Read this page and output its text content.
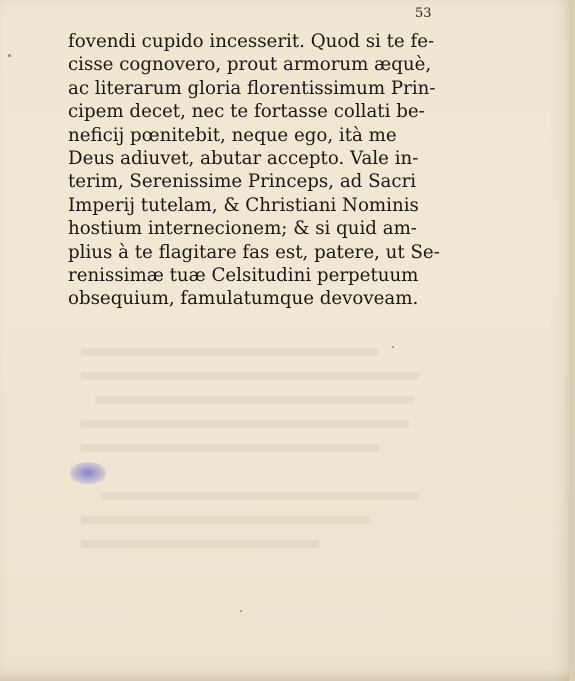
53
fovendi cupido incesserit. Quod si te fe-
cisse cognovero, prout armorum æquè,
ac literarum gloria florentissimum Prin-
cipem decet, nec te fortasse collati be-
neficij pœnitebit, neque ego, ità me
Deus adiuvet, abutar accepto. Vale in-
terim, Serenissime Princeps, ad Sacri
Imperij tutelam, & Christiani Nominis
hostium internecionem; & si quid am-
plius à te flagitare fas est, patere, ut Se-
renissimæ tuæ Celsitudini perpetuum
obsequium, famulatumque devoveam.
